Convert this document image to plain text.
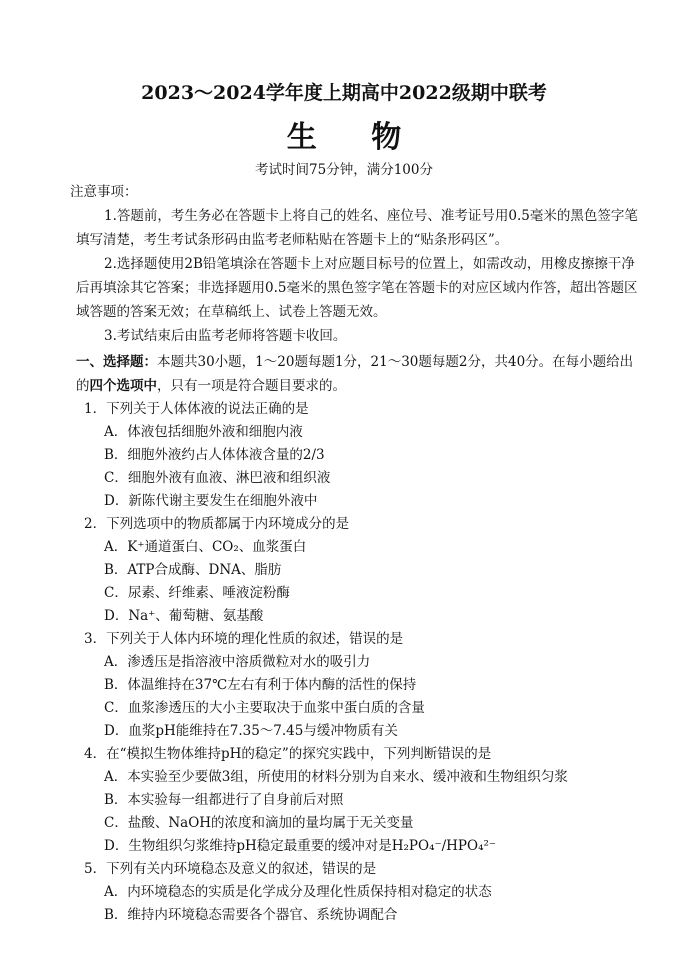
2023～2024学年度上期高中2022级期中联考
生 物
考试时间75分钟，满分100分
注意事项：

1.答题前，考生务必在答题卡上将自己的姓名、座位号、准考证号用0.5毫米的黑色签字笔填写清楚，考生考试条形码由监考老师粘贴在答题卡上的“贴条形码区”。

2.选择题使用2B铅笔填涂在答题卡上对应题目标号的位置上，如需改动，用橡皮擦擦干净后再填涂其它答案；非选择题用0.5毫米的黑色签字笔在答题卡的对应区域内作答，超出答题区域答题的答案无效；在草稿纸上、试卷上答题无效。

3.考试结束后由监考老师将答题卡收回。

一、选择题：本题共30小题，1～20题每题1分，21～30题每题2分，共40分。在每小题给出的四个选项中，只有一项是符合题目要求的。
1．下列关于人体体液的说法正确的是
A．体液包括细胞外液和细胞内液
B．细胞外液约占人体体液含量的2/3
C．细胞外液有血液、淋巴液和组织液
D．新陈代谢主要发生在细胞外液中
2．下列选项中的物质都属于内环境成分的是
A．K⁺通道蛋白、CO₂、血浆蛋白
B．ATP合成酶、DNA、脂肪
C．尿素、纤维素、唾液淀粉酶
D．Na⁺、葡萄糖、氨基酸
3．下列关于人体内环境的理化性质的叙述，错误的是
A．渗透压是指溶液中溶质微粒对水的吸引力
B．体温维持在37℃左右有利于体内酶的活性的保持
C．血浆渗透压的大小主要取决于血浆中蛋白质的含量
D．血浆pH能维持在7.35～7.45与缓冲物质有关
4．在“模拟生物体维持pH的稳定”的探究实践中，下列判断错误的是
A．本实验至少要做3组，所使用的材料分别为自来水、缓冲液和生物组织匀浆
B．本实验每一组都进行了自身前后对照
C．盐酸、NaOH的浓度和滴加的量均属于无关变量
D．生物组织匀浆维持pH稳定最重要的缓冲对是H₂PO₄⁻/HPO₄²⁻
5．下列有关内环境稳态及意义的叙述，错误的是
A．内环境稳态的实质是化学成分及理化性质保持相对稳定的状态
B．维持内环境稳态需要各个器官、系统协调配合
